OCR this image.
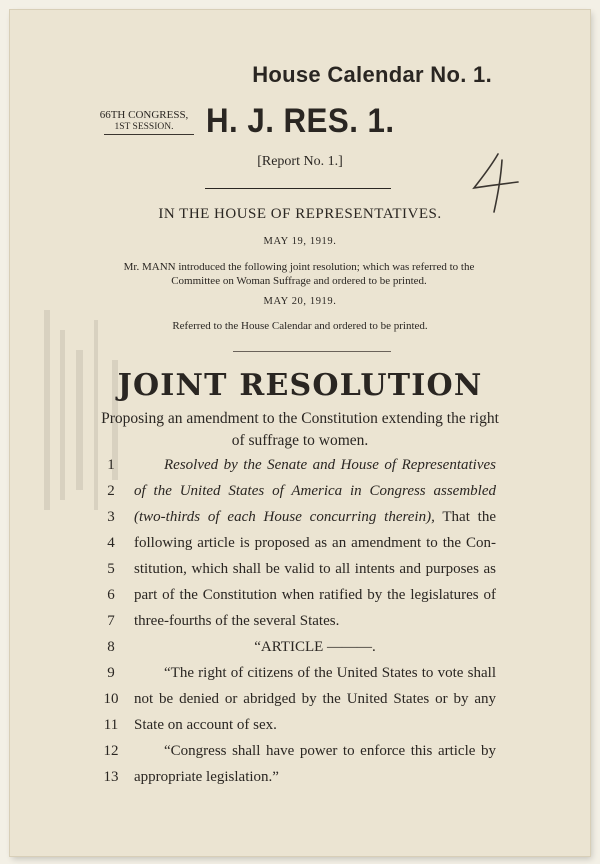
House Calendar No. 1.
66TH CONGRESS,
1ST SESSION. H. J. RES. 1.
[Report No. 1.]
IN THE HOUSE OF REPRESENTATIVES.
MAY 19, 1919.
Mr. MANN introduced the following joint resolution; which was referred to the Committee on Woman Suffrage and ordered to be printed.
MAY 20, 1919.
Referred to the House Calendar and ordered to be printed.
JOINT RESOLUTION
Proposing an amendment to the Constitution extending the right of suffrage to women.
1	Resolved by the Senate and House of Representatives
2	of the United States of America in Congress assembled
3	(two-thirds of each House concurring therein), That the
4	following article is proposed as an amendment to the Con-
5	stitution, which shall be valid to all intents and purposes as
6	part of the Constitution when ratified by the legislatures of
7	three-fourths of the several States.
8	“ARTICLE ———.
9	“The right of citizens of the United States to vote shall
10 not be denied or abridged by the United States or by any
11 State on account of sex.
12	“Congress shall have power to enforce this article by
13 appropriate legislation.”
